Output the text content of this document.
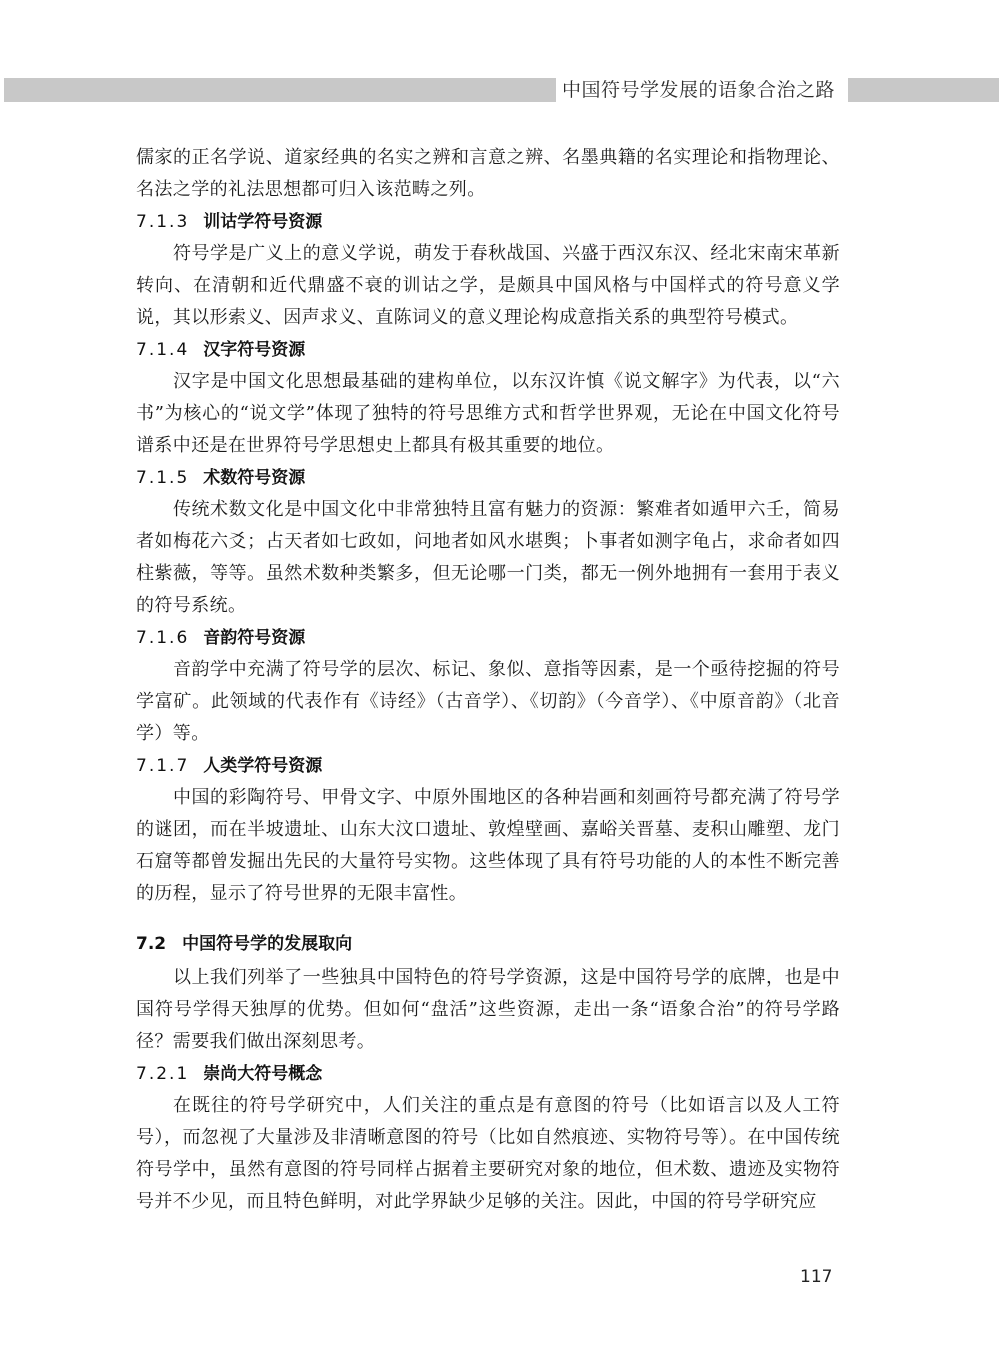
中国符号学发展的语象合治之路

儒家的正名学说、道家经典的名实之辨和言意之辨、名墨典籍的名实理论和指物理论、名法之学的礼法思想都可归入该范畴之列。

7.1.3 训诂学符号资源

符号学是广义上的意义学说，萌发于春秋战国、兴盛于西汉东汉、经北宋南宋革新转向、在清朝和近代鼎盛不衰的训诂之学，是颇具中国风格与中国样式的符号意义学说，其以形索义、因声求义、直陈词义的意义理论构成意指关系的典型符号模式。

7.1.4 汉字符号资源

汉字是中国文化思想最基础的建构单位，以东汉许慎《说文解字》为代表，以“六书”为核心的“说文学”体现了独特的符号思维方式和哲学世界观，无论在中国文化符号谱系中还是在世界符号学思想史上都具有极其重要的地位。

7.1.5 术数符号资源

传统术数文化是中国文化中非常独特且富有魅力的资源：繁难者如遁甲六壬，简易者如梅花六爻；占天者如七政如，问地者如风水堪舆；卜事者如测字龟占，求命者如四柱紫薇，等等。虽然术数种类繁多，但无论哪一门类，都无一例外地拥有一套用于表义的符号系统。

7.1.6 音韵符号资源

音韵学中充满了符号学的层次、标记、象似、意指等因素，是一个亟待挖掘的符号学富矿。此领域的代表作有《诗经》（古音学）、《切韵》（今音学）、《中原音韵》（北音学）等。

7.1.7 人类学符号资源

中国的彩陶符号、甲骨文字、中原外围地区的各种岩画和刻画符号都充满了符号学的谜团，而在半坡遗址、山东大汶口遗址、敦煌壁画、嘉峪关晋墓、麦积山雕塑、龙门石窟等都曾发掘出先民的大量符号实物。这些体现了具有符号功能的人的本性不断完善的历程，显示了符号世界的无限丰富性。

7.2 中国符号学的发展取向

以上我们列举了一些独具中国特色的符号学资源，这是中国符号学的底牌，也是中国符号学得天独厚的优势。但如何“盘活”这些资源，走出一条“语象合治”的符号学路径？需要我们做出深刻思考。

7.2.1 崇尚大符号概念

在既往的符号学研究中，人们关注的重点是有意图的符号（比如语言以及人工符号），而忽视了大量涉及非清晰意图的符号（比如自然痕迹、实物符号等）。在中国传统符号学中，虽然有意图的符号同样占据着主要研究对象的地位，但术数、遗迹及实物符号并不少见，而且特色鲜明，对此学界缺少足够的关注。因此，中国的符号学研究应

117
